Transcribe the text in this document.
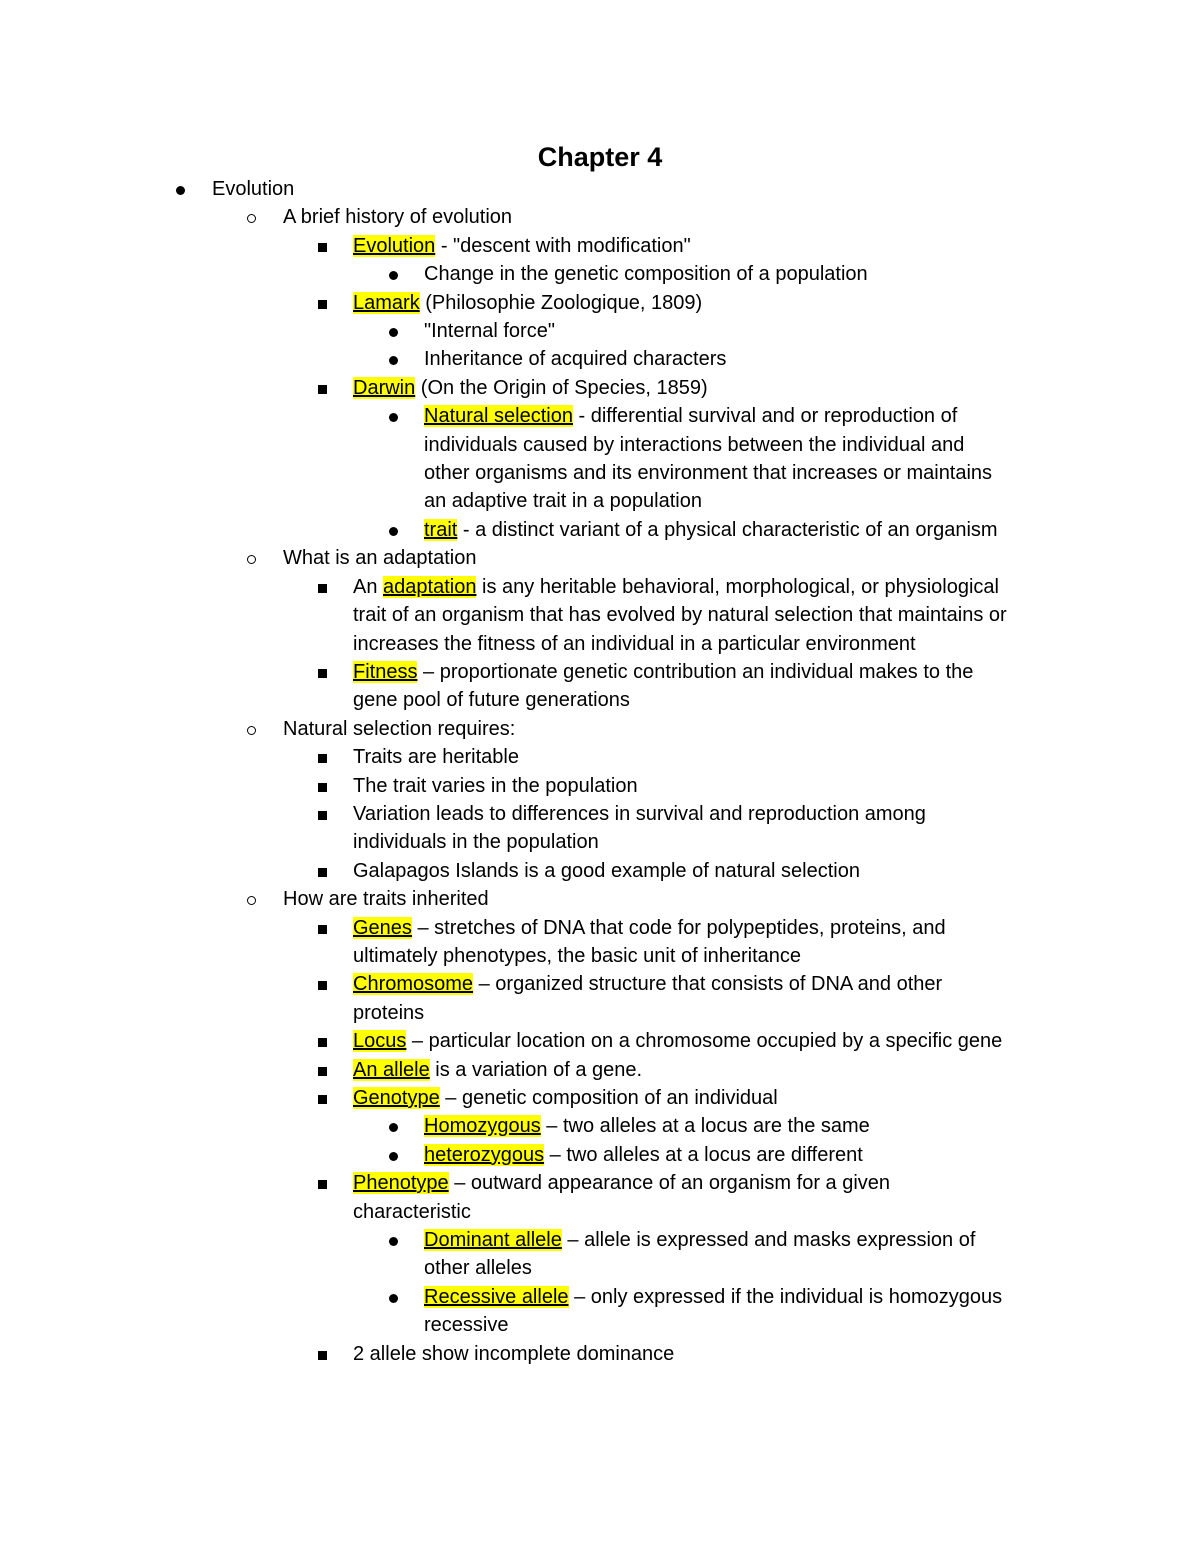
Chapter 4
Evolution
A brief history of evolution
Evolution - "descent with modification"
Change in the genetic composition of a population
Lamark (Philosophie Zoologique, 1809)
"Internal force"
Inheritance of acquired characters
Darwin (On the Origin of Species, 1859)
Natural selection - differential survival and or reproduction of
individuals caused by interactions between the individual and
other organisms and its environment that increases or maintains
an adaptive trait in a population
trait - a distinct variant of a physical characteristic of an organism
What is an adaptation
An adaptation is any heritable behavioral, morphological, or physiological
trait of an organism that has evolved by natural selection that maintains or
increases the fitness of an individual in a particular environment
Fitness – proportionate genetic contribution an individual makes to the
gene pool of future generations
Natural selection requires:
Traits are heritable
The trait varies in the population
Variation leads to differences in survival and reproduction among
individuals in the population
Galapagos Islands is a good example of natural selection
How are traits inherited
Genes – stretches of DNA that code for polypeptides, proteins, and
ultimately phenotypes, the basic unit of inheritance
Chromosome – organized structure that consists of DNA and other
proteins
Locus – particular location on a chromosome occupied by a specific gene
An allele is a variation of a gene.
Genotype – genetic composition of an individual
Homozygous – two alleles at a locus are the same
heterozygous – two alleles at a locus are different
Phenotype – outward appearance of an organism for a given
characteristic
Dominant allele – allele is expressed and masks expression of
other alleles
Recessive allele – only expressed if the individual is homozygous
recessive
2 allele show incomplete dominance
